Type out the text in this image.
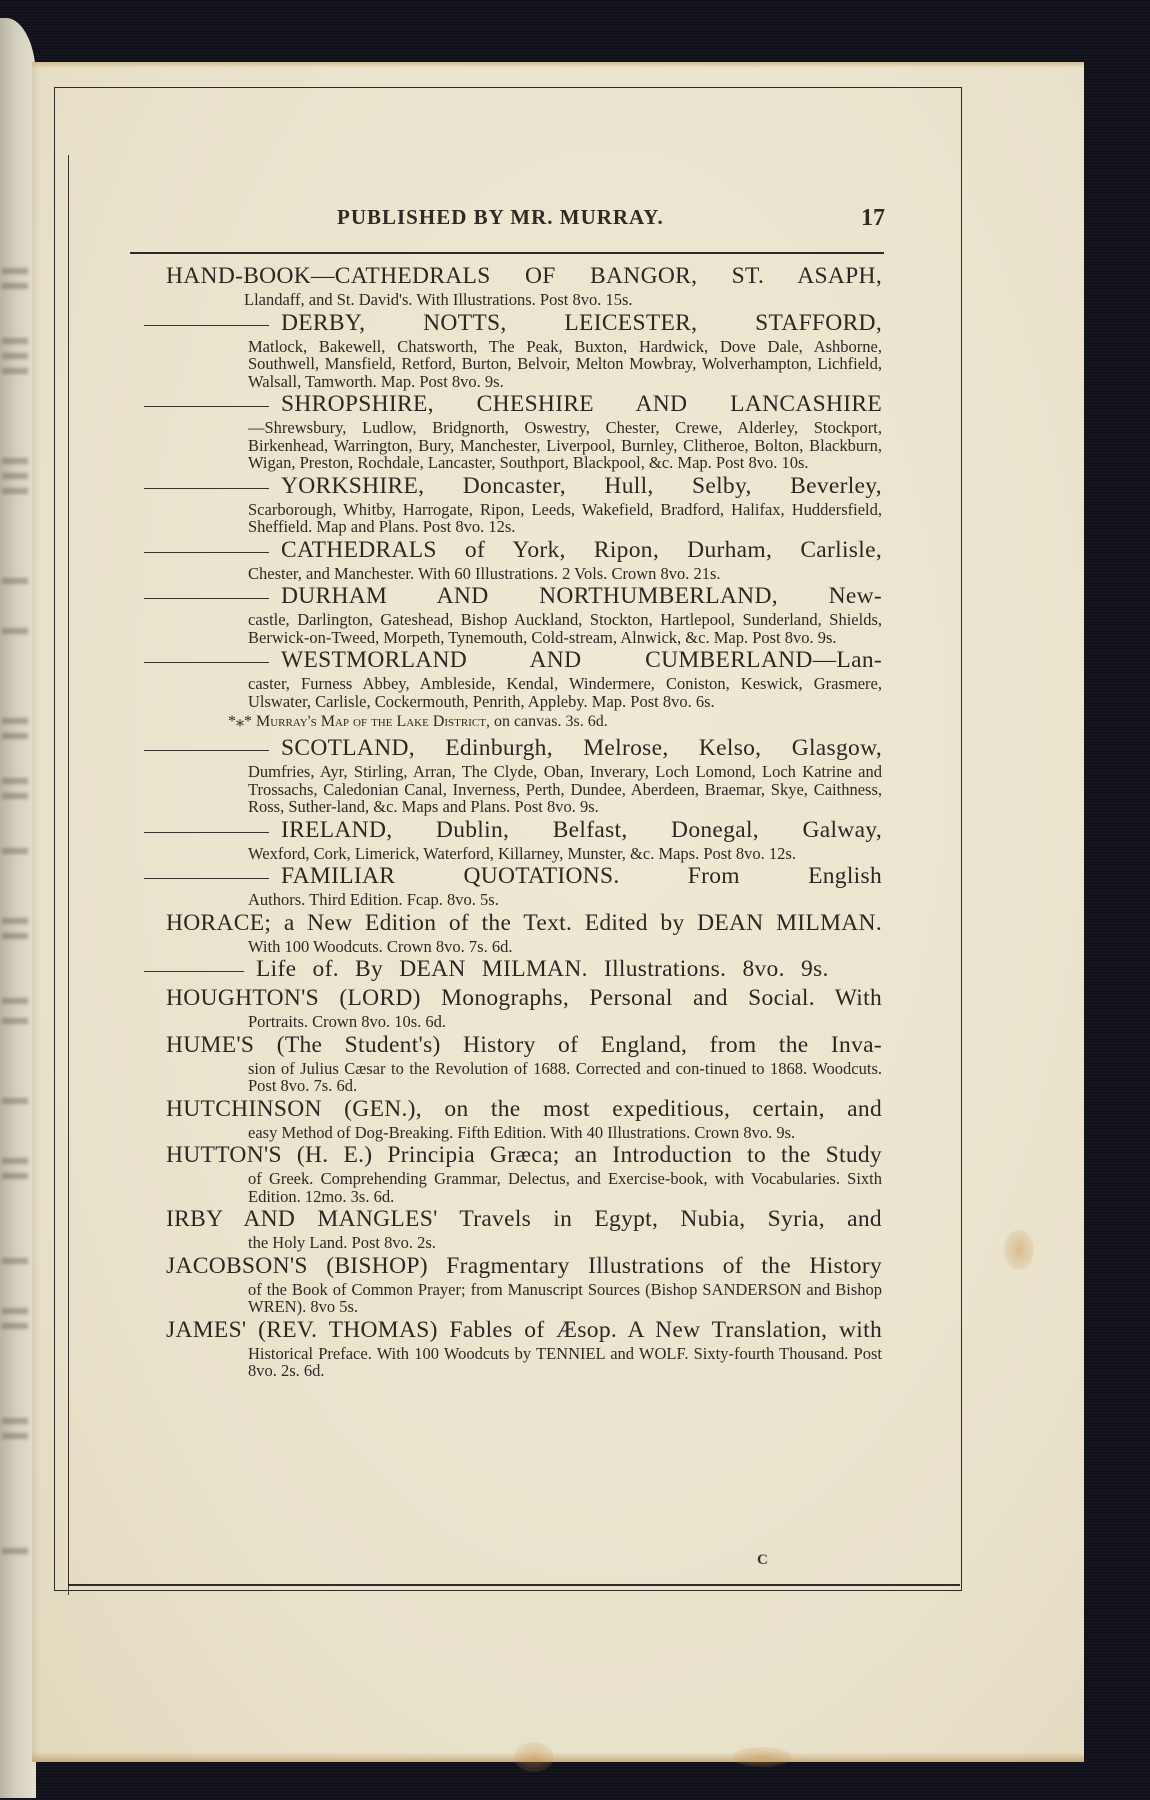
PUBLISHED BY MR. MURRAY.	17
HAND-BOOK—CATHEDRALS OF BANGOR, ST. ASAPH,
Llandaff, and St. David's. With Illustrations. Post 8vo. 15s.
DERBY, NOTTS, LEICESTER, STAFFORD,
Matlock, Bakewell, Chatsworth, The Peak, Buxton, Hardwick, Dove Dale, Ashborne, Southwell, Mansfield, Retford, Burton, Belvoir, Melton Mowbray, Wolverhampton, Lichfield, Walsall, Tamworth. Map. Post 8vo. 9s.
SHROPSHIRE, CHESHIRE AND LANCASHIRE
—Shrewsbury, Ludlow, Bridgnorth, Oswestry, Chester, Crewe, Alderley, Stockport, Birkenhead, Warrington, Bury, Manchester, Liverpool, Burnley, Clitheroe, Bolton, Blackburn, Wigan, Preston, Rochdale, Lancaster, Southport, Blackpool, &c. Map. Post 8vo. 10s.
YORKSHIRE, Doncaster, Hull, Selby, Beverley,
Scarborough, Whitby, Harrogate, Ripon, Leeds, Wakefield, Bradford, Halifax, Huddersfield, Sheffield. Map and Plans. Post 8vo. 12s.
CATHEDRALS of York, Ripon, Durham, Carlisle,
Chester, and Manchester. With 60 Illustrations. 2 Vols. Crown 8vo. 21s.
DURHAM AND NORTHUMBERLAND, New-
castle, Darlington, Gateshead, Bishop Auckland, Stockton, Hartlepool, Sunderland, Shields, Berwick-on-Tweed, Morpeth, Tynemouth, Cold-stream, Alnwick, &c. Map. Post 8vo. 9s.
WESTMORLAND AND CUMBERLAND—Lan-
caster, Furness Abbey, Ambleside, Kendal, Windermere, Coniston, Keswick, Grasmere, Ulswater, Carlisle, Cockermouth, Penrith, Appleby. Map. Post 8vo. 6s.
*⁎* Murray's Map of the Lake District, on canvas. 3s. 6d.
SCOTLAND, Edinburgh, Melrose, Kelso, Glasgow,
Dumfries, Ayr, Stirling, Arran, The Clyde, Oban, Inverary, Loch Lomond, Loch Katrine and Trossachs, Caledonian Canal, Inverness, Perth, Dundee, Aberdeen, Braemar, Skye, Caithness, Ross, Suther-land, &c. Maps and Plans. Post 8vo. 9s.
IRELAND, Dublin, Belfast, Donegal, Galway,
Wexford, Cork, Limerick, Waterford, Killarney, Munster, &c. Maps. Post 8vo. 12s.
FAMILIAR QUOTATIONS. From English
Authors. Third Edition. Fcap. 8vo. 5s.
HORACE; a New Edition of the Text. Edited by DEAN MILMAN.
With 100 Woodcuts. Crown 8vo. 7s. 6d.
Life of. By DEAN MILMAN. Illustrations. 8vo. 9s.
HOUGHTON'S (LORD) Monographs, Personal and Social. With
Portraits. Crown 8vo. 10s. 6d.
HUME'S (The Student's) History of England, from the Inva-
sion of Julius Cæsar to the Revolution of 1688. Corrected and con-tinued to 1868. Woodcuts. Post 8vo. 7s. 6d.
HUTCHINSON (GEN.), on the most expeditious, certain, and
easy Method of Dog-Breaking. Fifth Edition. With 40 Illustrations. Crown 8vo. 9s.
HUTTON'S (H. E.) Principia Græca; an Introduction to the Study
of Greek. Comprehending Grammar, Delectus, and Exercise-book, with Vocabularies. Sixth Edition. 12mo. 3s. 6d.
IRBY AND MANGLES' Travels in Egypt, Nubia, Syria, and
the Holy Land. Post 8vo. 2s.
JACOBSON'S (BISHOP) Fragmentary Illustrations of the History
of the Book of Common Prayer; from Manuscript Sources (Bishop SANDERSON and Bishop WREN). 8vo 5s.
JAMES' (REV. THOMAS) Fables of Æsop. A New Translation, with
Historical Preface. With 100 Woodcuts by TENNIEL and WOLF. Sixty-fourth Thousand. Post 8vo. 2s. 6d.
C
